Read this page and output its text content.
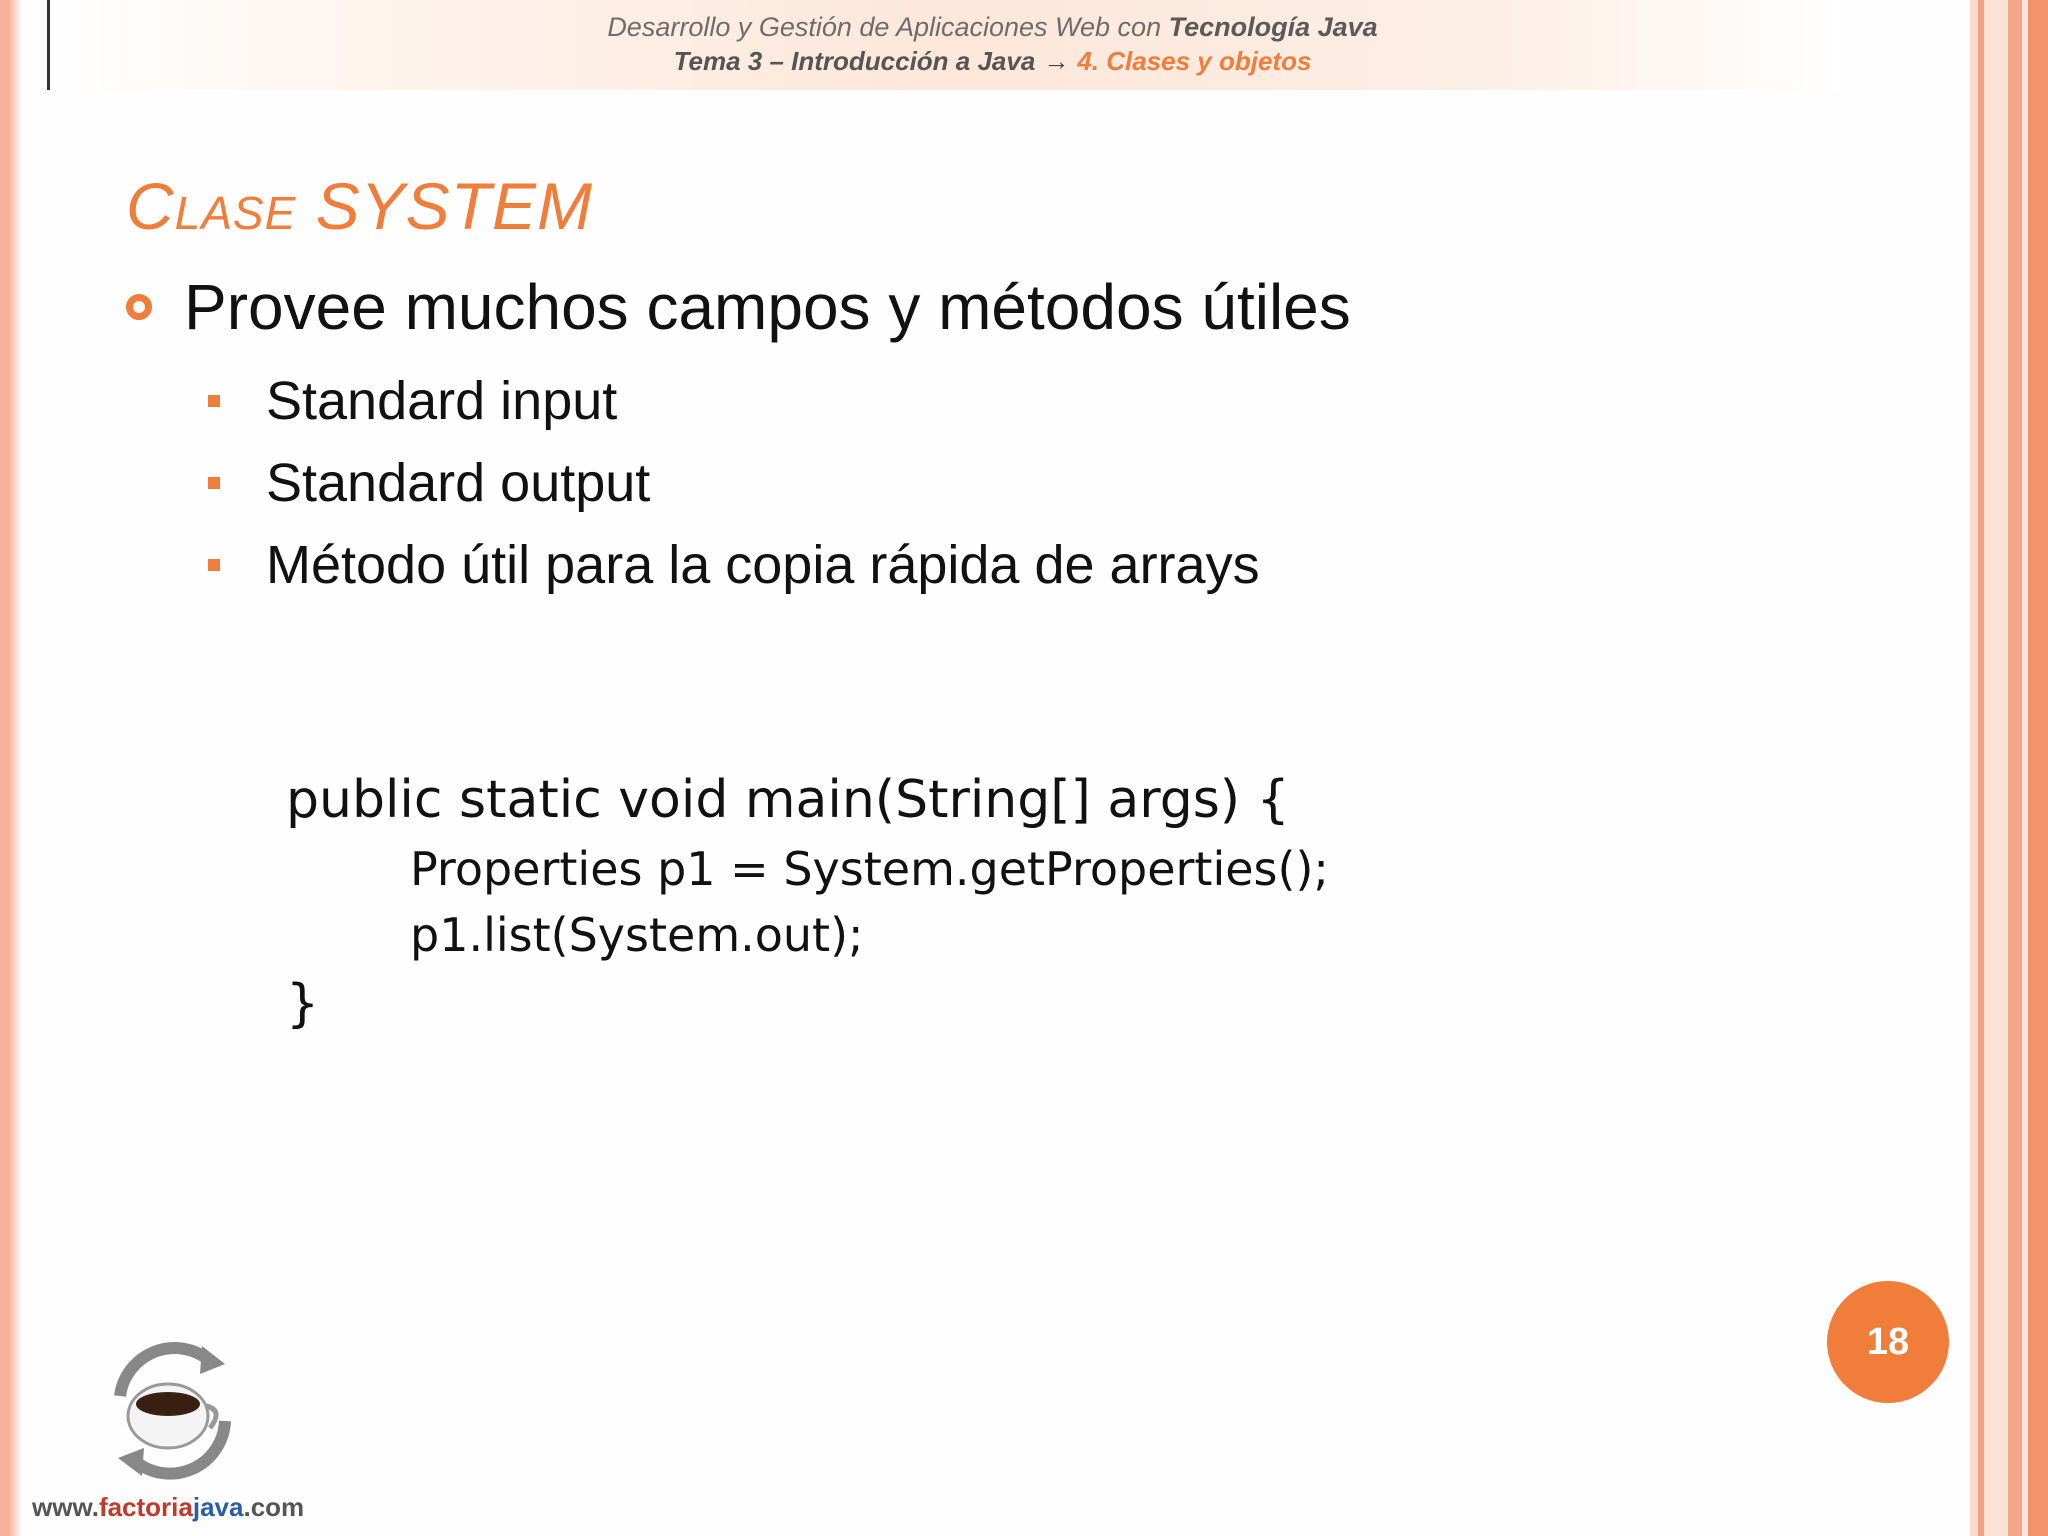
Desarrollo y Gestión de Aplicaciones Web con Tecnología Java
Tema 3 – Introducción a Java → 4. Clases y objetos
Clase SYSTEM
Provee muchos campos y métodos útiles
Standard input
Standard output
Método útil para la copia rápida de arrays
public static void main(String[] args) {
Properties p1 = System.getProperties();
p1.list(System.out);
}
18
www.factoriajava.com
